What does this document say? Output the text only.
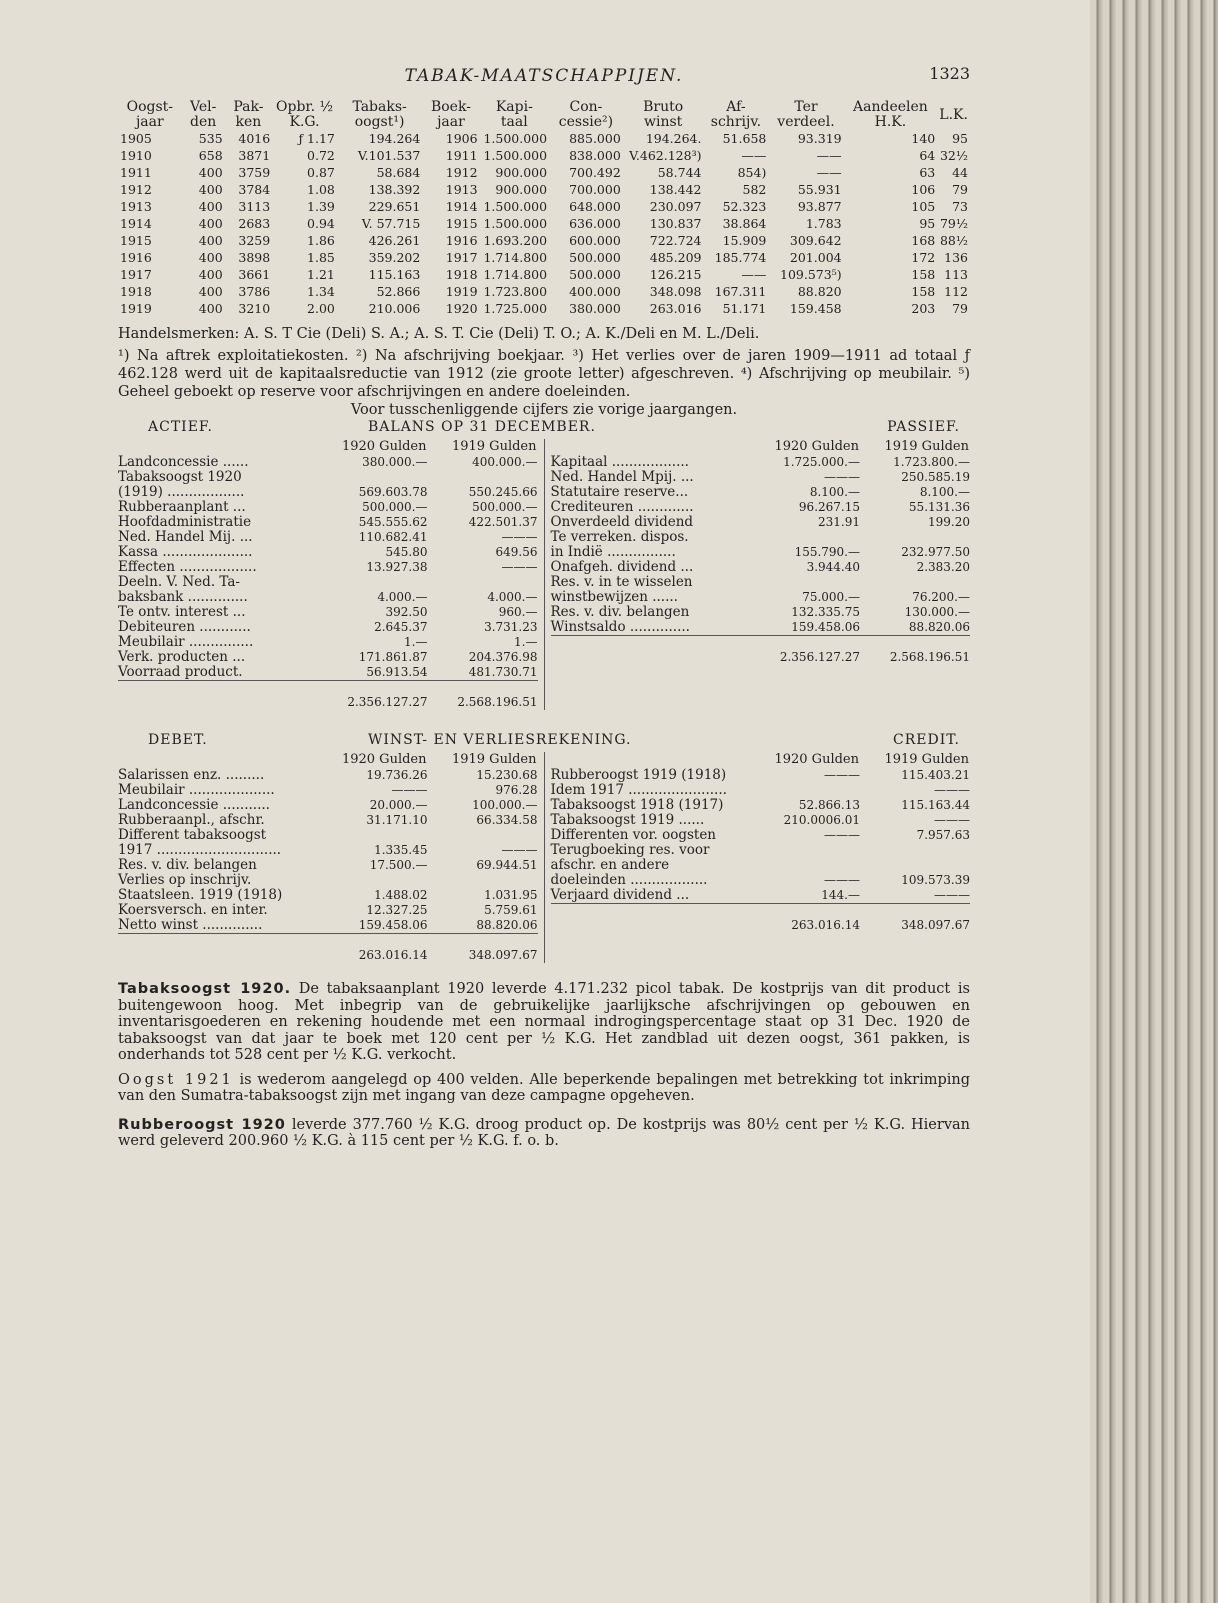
TABAK-MAATSCHAPPIJEN.	1323
Oogst- jaar	Vel- den	Pak- ken	Opbr. ½ K.G.	Tabaks- oogst¹)	Boek- jaar	Kapi- taal	Con- cessie²)	Bruto winst	Af- schrijv.	Ter verdeel.	Aandeelen H.K.	L.K.
1905	535	4016	ƒ 1.17	194.264	1906	1.500.000	885.000	194.264.	51.658	93.319	140	95
1910	658	3871	0.72	V.101.537	1911	1.500.000	838.000	V.462.128³)	——	——	64	32½
1911	400	3759	0.87	58.684	1912	900.000	700.492	58.744	854)	——	63	44
1912	400	3784	1.08	138.392	1913	900.000	700.000	138.442	582	55.931	106	79
1913	400	3113	1.39	229.651	1914	1.500.000	648.000	230.097	52.323	93.877	105	73
1914	400	2683	0.94	V. 57.715	1915	1.500.000	636.000	130.837	38.864	1.783	95	79½
1915	400	3259	1.86	426.261	1916	1.693.200	600.000	722.724	15.909	309.642	168	88½
1916	400	3898	1.85	359.202	1917	1.714.800	500.000	485.209	185.774	201.004	172	136
1917	400	3661	1.21	115.163	1918	1.714.800	500.000	126.215	——	109.573⁵)	158	113
1918	400	3786	1.34	52.866	1919	1.723.800	400.000	348.098	167.311	88.820	158	112
1919	400	3210	2.00	210.006	1920	1.725.000	380.000	263.016	51.171	159.458	203	79

Handelsmerken: A. S. T Cie (Deli) S. A.; A. S. T. Cie (Deli) T. O.; A. K./Deli en M. L./Deli.

¹) Na aftrek exploitatiekosten. ²) Na afschrijving boekjaar. ³) Het verlies over de jaren 1909—1911 ad totaal ƒ 462.128 werd uit de kapitaalsreductie van 1912 (zie groote letter) afgeschreven. ⁴) Afschrijving op meubilair. ⁵) Geheel geboekt op reserve voor afschrijvingen en andere doeleinden.

Voor tusschenliggende cijfers zie vorige jaargangen.

ACTIEF.	BALANS OP 31 DECEMBER.	PASSIEF.
	1920 Gulden	1919 Gulden
Landconcessie ......	380.000.—	400.000.—
Tabaksoogst 1920		
(1919) ..................	569.603.78	550.245.66
Rubberaanplant ...	500.000.—	500.000.—
Hoofdadministratie	545.555.62	422.501.37
Ned. Handel Mij. ...	110.682.41	———
Kassa .....................	545.80	649.56
Effecten ..................	13.927.38	———
Deeln. V. Ned. Ta-		
baksbank ..............	4.000.—	4.000.—
Te ontv. interest ...	392.50	960.—
Debiteuren ............	2.645.37	3.731.23
Meubilair ...............	1.—	1.—
Verk. producten ...	171.861.87	204.376.98
Voorraad product.	56.913.54	481.730.71
	2.356.127.27	2.568.196.51
	1920 Gulden	1919 Gulden
Kapitaal ..................	1.725.000.—	1.723.800.—
Ned. Handel Mpij. ...	———	250.585.19
Statutaire reserve...	8.100.—	8.100.—
Crediteuren .............	96.267.15	55.131.36
Onverdeeld dividend	231.91	199.20
Te verreken. dispos.		
in Indië ................	155.790.—	232.977.50
Onafgeh. dividend ...	3.944.40	2.383.20
Res. v. in te wisselen		
winstbewijzen ......	75.000.—	76.200.—
Res. v. div. belangen	132.335.75	130.000.—
Winstsaldo ..............	159.458.06	88.820.06
	2.356.127.27	2.568.196.51
DEBET.	WINST- EN VERLIESREKENING.	CREDIT.
	1920 Gulden	1919 Gulden
Salarissen enz. .........	19.736.26	15.230.68
Meubilair ....................	———	976.28
Landconcessie ...........	20.000.—	100.000.—
Rubberaanpl., afschr.	31.171.10	66.334.58
Different tabaksoogst		
1917 .............................	1.335.45	———
Res. v. div. belangen	17.500.—	69.944.51
Verlies op inschrijv.		
Staatsleen. 1919 (1918)	1.488.02	1.031.95
Koersversch. en inter.	12.327.25	5.759.61
Netto winst ..............	159.458.06	88.820.06
	263.016.14	348.097.67
	1920 Gulden	1919 Gulden
Rubberoogst 1919 (1918)	———	115.403.21
Idem 1917 .......................		———
Tabaksoogst 1918 (1917)	52.866.13	115.163.44
Tabaksoogst 1919 ......	210.0006.01	———
Differenten vor. oogsten	———	7.957.63
Terugboeking res. voor		
afschr. en andere		
doeleinden ..................	———	109.573.39
Verjaard dividend ...	144.—	———
	263.016.14	348.097.67

Tabaksoogst 1920. De tabaksaanplant 1920 leverde 4.171.232 picol tabak. De kostprijs van dit product is buitengewoon hoog. Met inbegrip van de gebruikelijke jaarlijksche afschrijvingen op gebouwen en inventarisgoederen en rekening houdende met een normaal indrogingspercentage staat op 31 Dec. 1920 de tabaksoogst van dat jaar te boek met 120 cent per ½ K.G. Het zandblad uit dezen oogst, 361 pakken, is onderhands tot 528 cent per ½ K.G. verkocht.

Oogst 1921 is wederom aangelegd op 400 velden. Alle beperkende bepalingen met betrekking tot inkrimping van den Sumatra-tabaksoogst zijn met ingang van deze campagne opgeheven.

Rubberoogst 1920 leverde 377.760 ½ K.G. droog product op. De kostprijs was 80½ cent per ½ K.G. Hiervan werd geleverd 200.960 ½ K.G. à 115 cent per ½ K.G. f. o. b.
